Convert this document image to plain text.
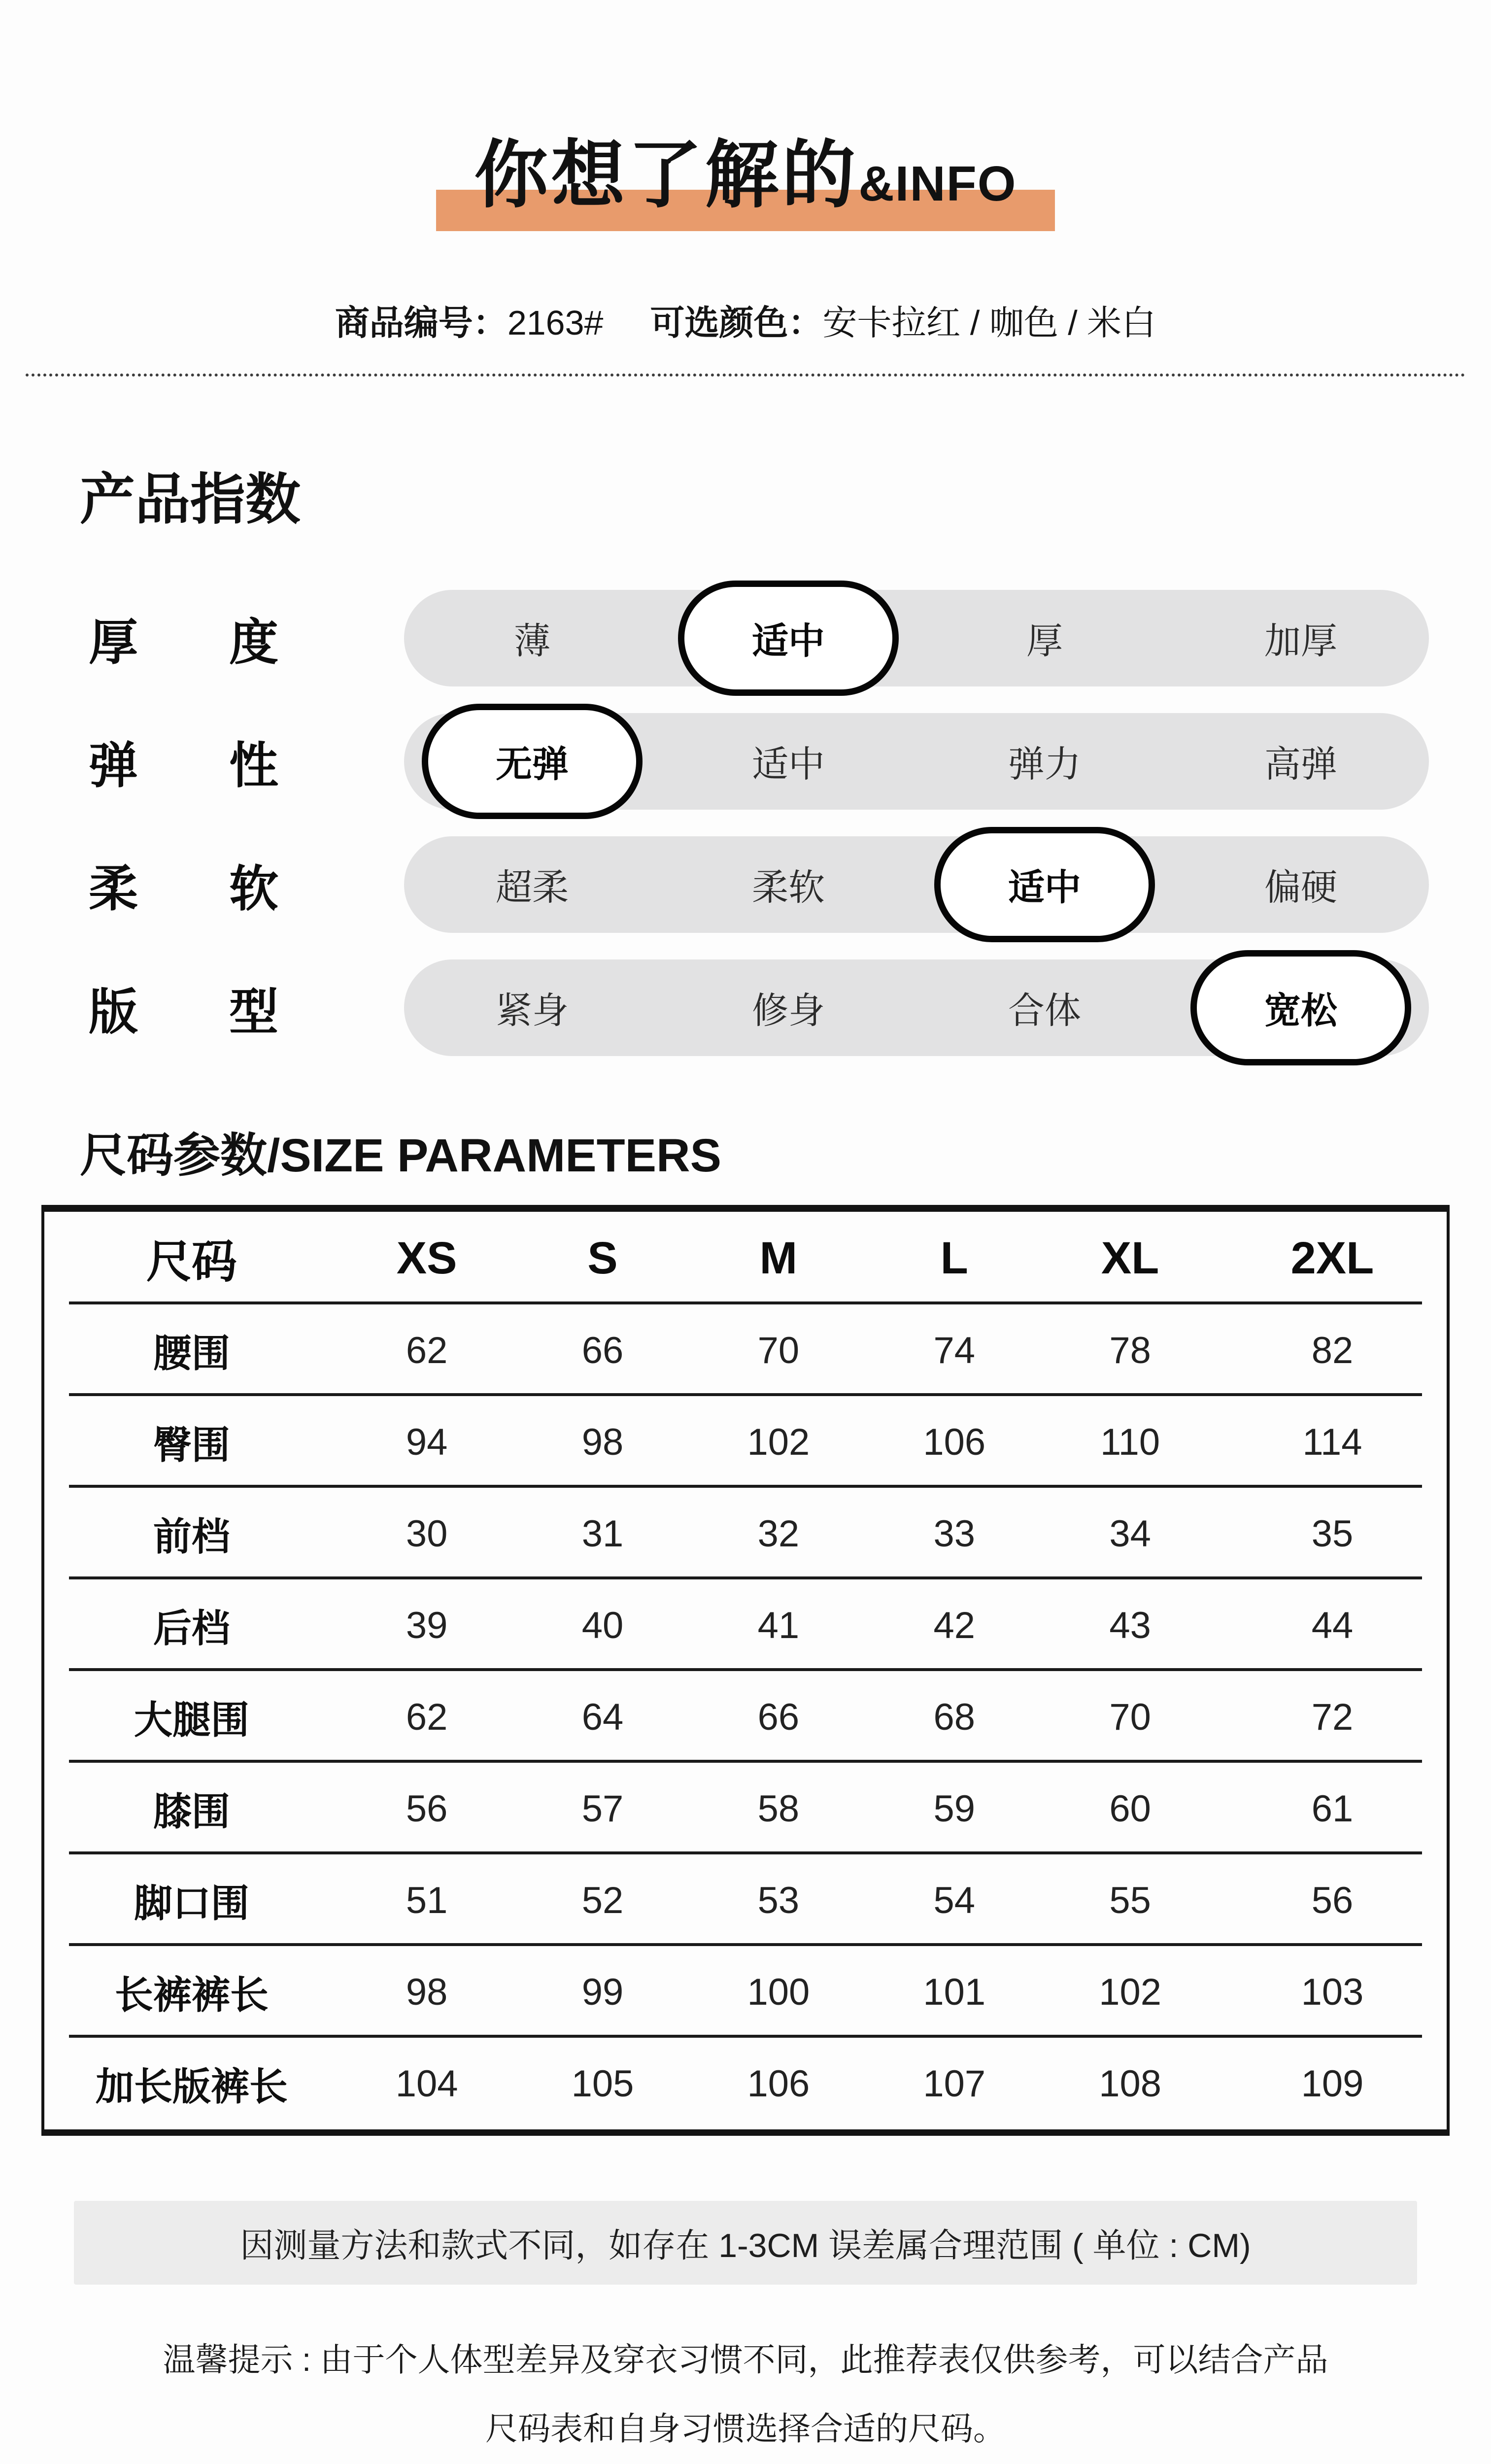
你想了解的&INFO
商品编号： 2163# 可选颜色： 安卡拉红 / 咖色 / 米白
产品指数
厚 度	薄	适中	厚	加厚
弹 性	无弹	适中	弹力	高弹
柔 软	超柔	柔软	适中	偏硬
版 型	紧身	修身	合体	宽松
尺码参数/SIZE PARAMETERS
尺码	XS	S	M	L	XL	2XL
腰围	62	66	70	74	78	82
臀围	94	98	102	106	110	114
前档	30	31	32	33	34	35
后档	39	40	41	42	43	44
大腿围	62	64	66	68	70	72
膝围	56	57	58	59	60	61
脚口围	51	52	53	54	55	56
长裤裤长	98	99	100	101	102	103
加长版裤长	104	105	106	107	108	109
因测量方法和款式不同，如存在 1-3CM 误差属合理范围 ( 单位 : CM)
温馨提示 : 由于个人体型差异及穿衣习惯不同，此推荐表仅供参考，可以结合产品
尺码表和自身习惯选择合适的尺码。
